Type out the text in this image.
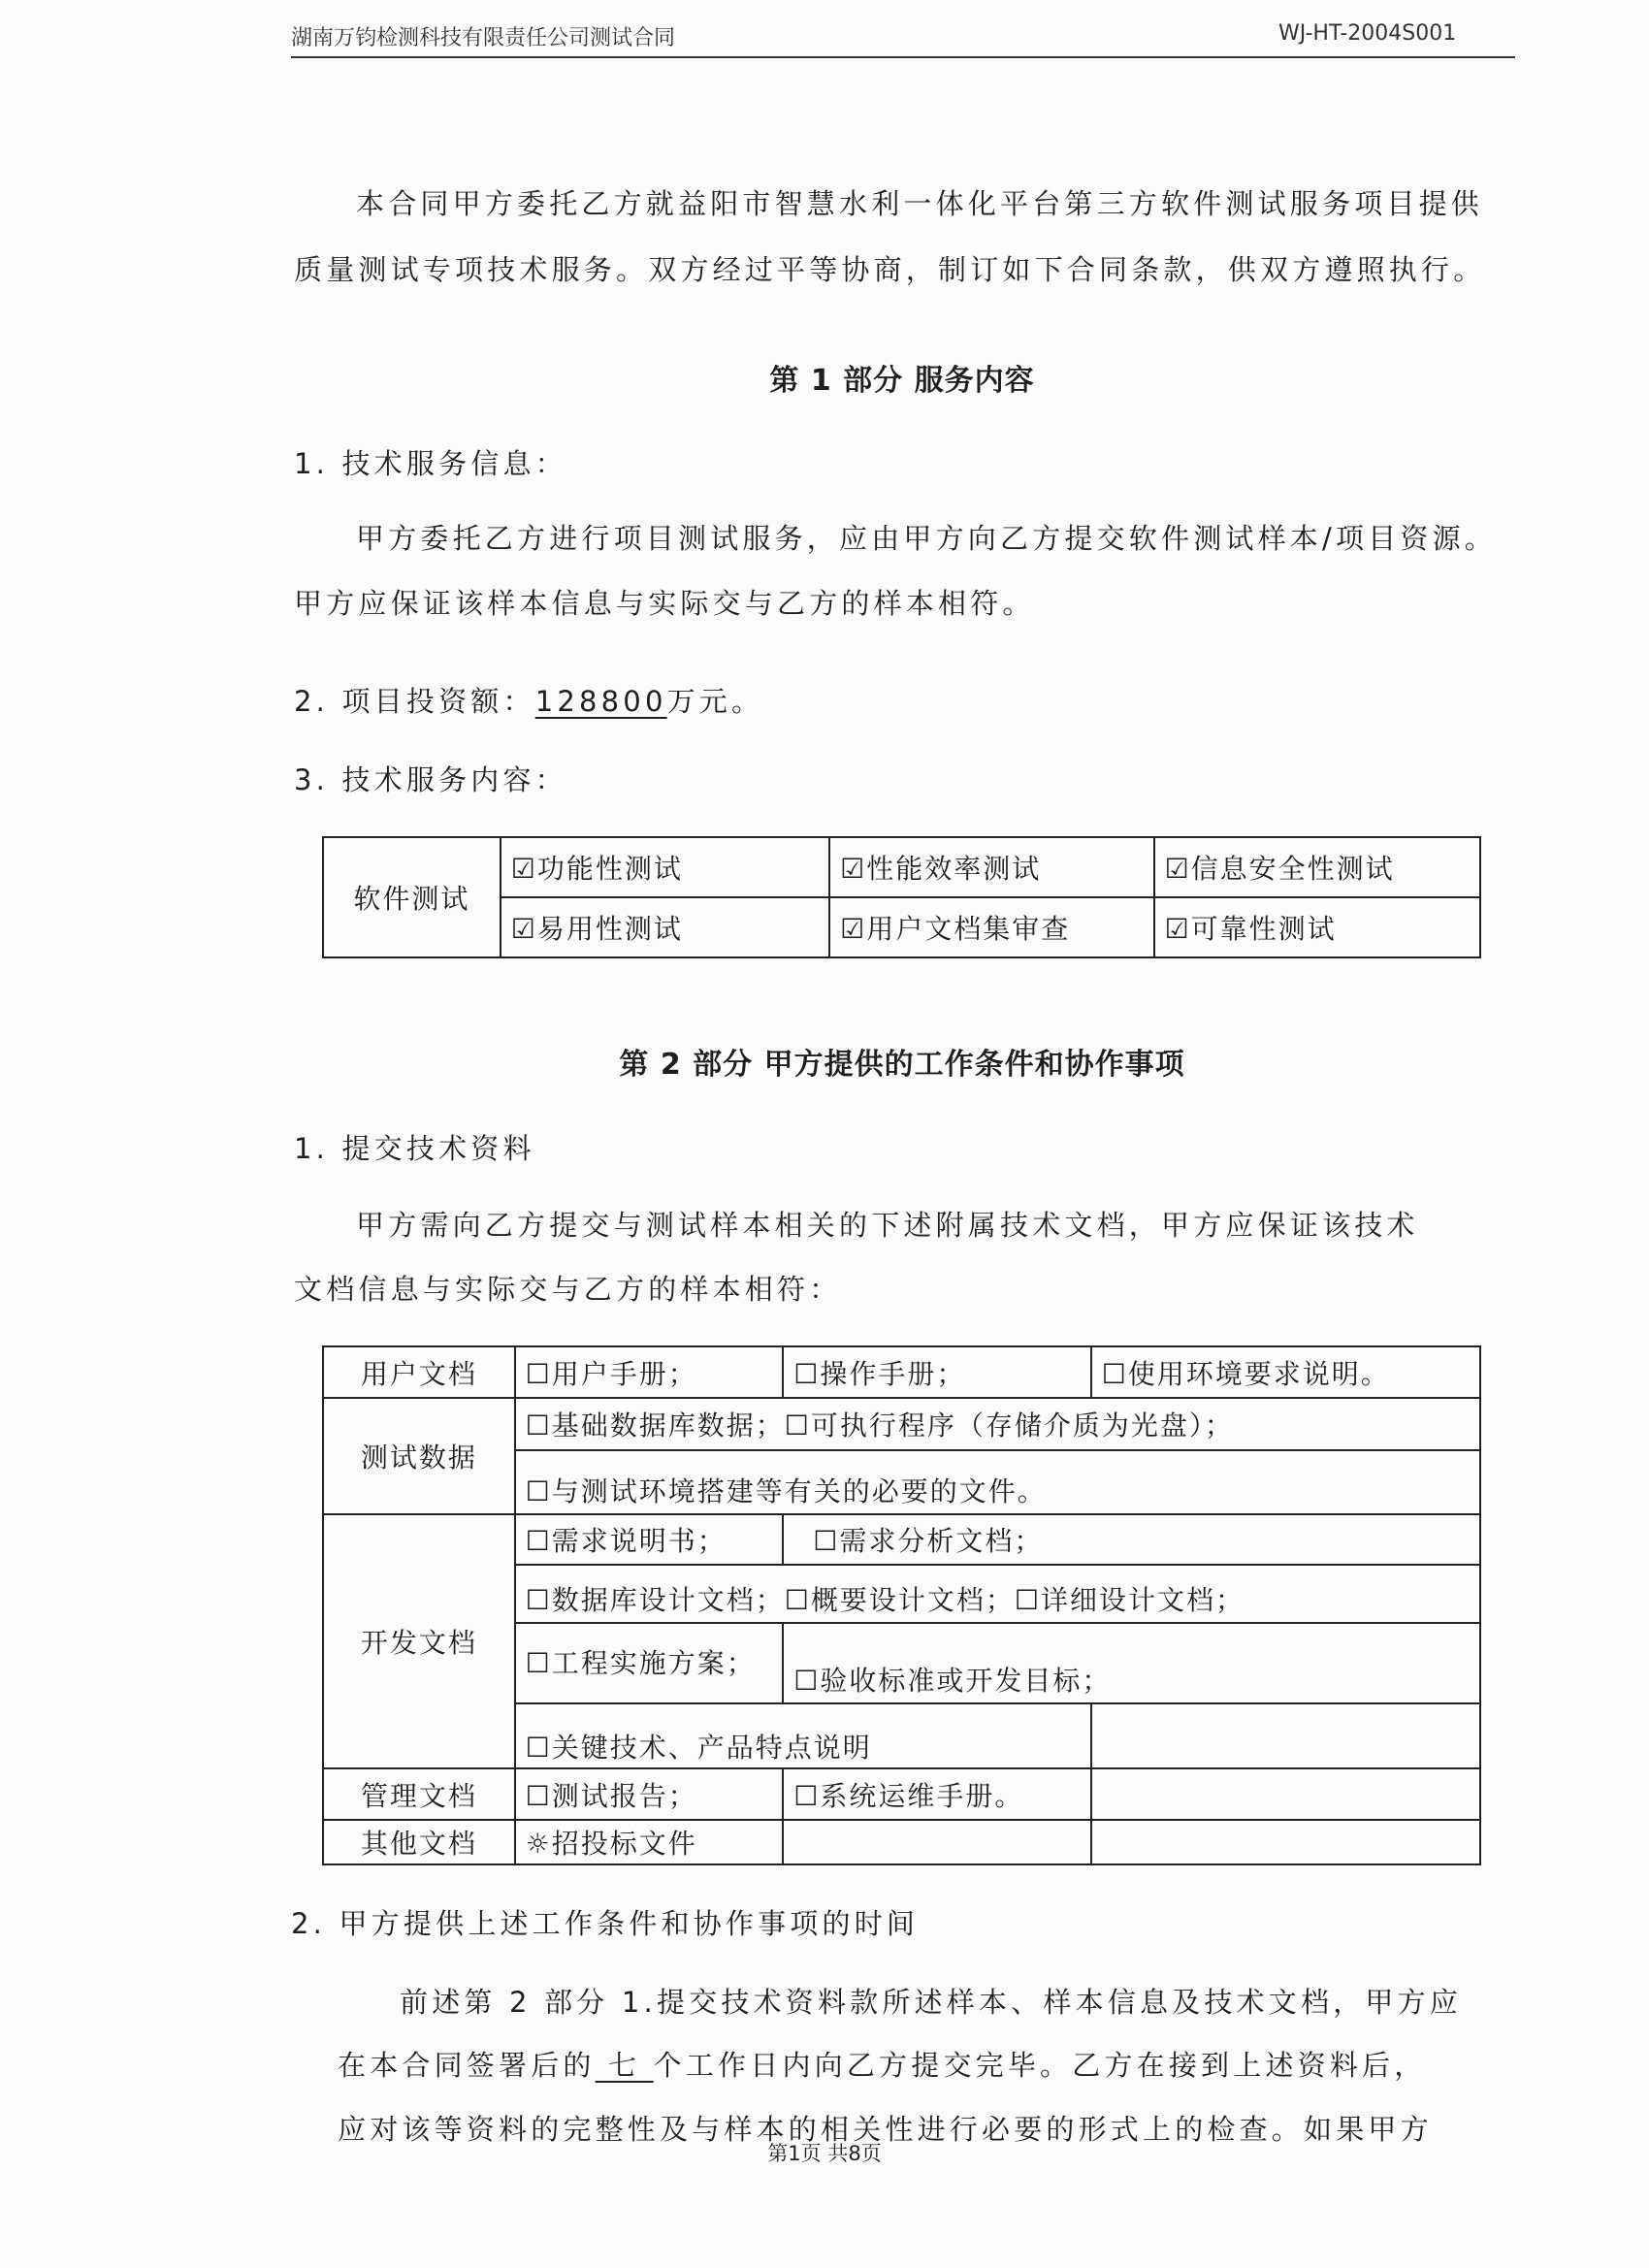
湖南万钧检测科技有限责任公司测试合同	WJ-HT-2004S001
本合同甲方委托乙方就益阳市智慧水利一体化平台第三方软件测试服务项目提供
质量测试专项技术服务。双方经过平等协商，制订如下合同条款，供双方遵照执行。
第 1 部分 服务内容
1. 技术服务信息：
甲方委托乙方进行项目测试服务，应由甲方向乙方提交软件测试样本/项目资源。
甲方应保证该样本信息与实际交与乙方的样本相符。
2. 项目投资额：128800万元。
3. 技术服务内容：
软件测试	☑功能性测试	☑性能效率测试	☑信息安全性测试
	☑易用性测试	☑用户文档集审查	☑可靠性测试
第 2 部分 甲方提供的工作条件和协作事项
1. 提交技术资料
甲方需向乙方提交与测试样本相关的下述附属技术文档，甲方应保证该技术
文档信息与实际交与乙方的样本相符：
用户文档	☐用户手册；	☐操作手册；	☐使用环境要求说明。
测试数据	☐基础数据库数据；☐可执行程序（存储介质为光盘）；		
	☐与测试环境搭建等有关的必要的文件。		
开发文档	☐需求说明书；	☐需求分析文档；	
	☐数据库设计文档；☐概要设计文档；☐详细设计文档；		
	☐工程实施方案；	☐验收标准或开发目标；	
	☐关键技术、产品特点说明		
管理文档	☐测试报告；	☐系统运维手册。	
其他文档	☼招投标文件		
2. 甲方提供上述工作条件和协作事项的时间
前述第 2 部分 1.提交技术资料款所述样本、样本信息及技术文档，甲方应
在本合同签署后的 七 个工作日内向乙方提交完毕。乙方在接到上述资料后，
应对该等资料的完整性及与样本的相关性进行必要的形式上的检查。如果甲方
第1页 共8页
